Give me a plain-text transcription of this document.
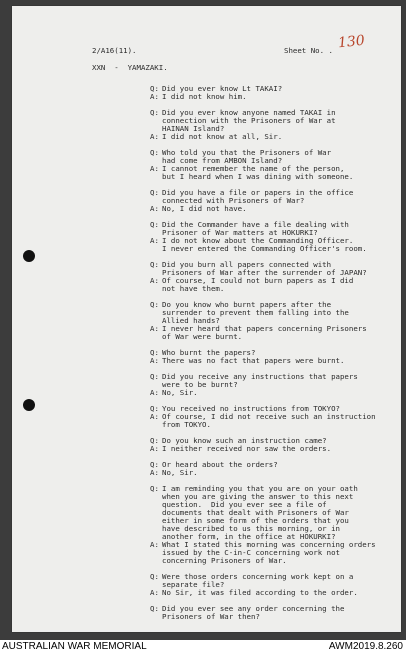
2/A16(11).	Sheet No. . 130
XXN  -  YAMAZAKI.
Q: Did you ever know Lt TAKAI?
A: I did not know him.
Q: Did you ever know anyone named TAKAI in
connection with the Prisoners of War at
HAINAN Island?
A: I did not know at all, Sir.
Q: Who told you that the Prisoners of War
had come from AMBON Island?
A: I cannot remember the name of the person,
but I heard when I was dining with someone.
Q: Did you have a file or papers in the office
connected with Prisoners of War?
A: No, I did not have.
Q: Did the Commander have a file dealing with
Prisoner of War matters at HOKURKI?
A: I do not know about the Commanding Officer.
I never entered the Commanding Officer's room.
Q: Did you burn all papers connected with
Prisoners of War after the surrender of JAPAN?
A: Of course, I could not burn papers as I did
not have them.
Q: Do you know who burnt papers after the
surrender to prevent them falling into the
Allied hands?
A: I never heard that papers concerning Prisoners
of War were burnt.
Q: Who burnt the papers?
A: There was no fact that papers were burnt.
Q: Did you receive any instructions that papers
were to be burnt?
A: No, Sir.
Q: You received no instructions from TOKYO?
A: Of course, I did not receive such an instruction
from TOKYO.
Q: Do you know such an instruction came?
A: I neither received nor saw the orders.
Q: Or heard about the orders?
A: No, Sir.
Q: I am reminding you that you are on your oath
when you are giving the answer to this next
question.  Did you ever see a file of
documents that dealt with Prisoners of War
either in some form of the orders that you
have described to us this morning, or in
another form, in the office at HOKURKI?
A: What I stated this morning was concerning orders
issued by the C-in-C concerning work not
concerning Prisoners of War.
Q: Were those orders concerning work kept on a
separate file?
A: No Sir, it was filed according to the order.
Q: Did you ever see any order concerning the
Prisoners of War then?
AUSTRALIAN WAR MEMORIAL	AWM2019.8.260
